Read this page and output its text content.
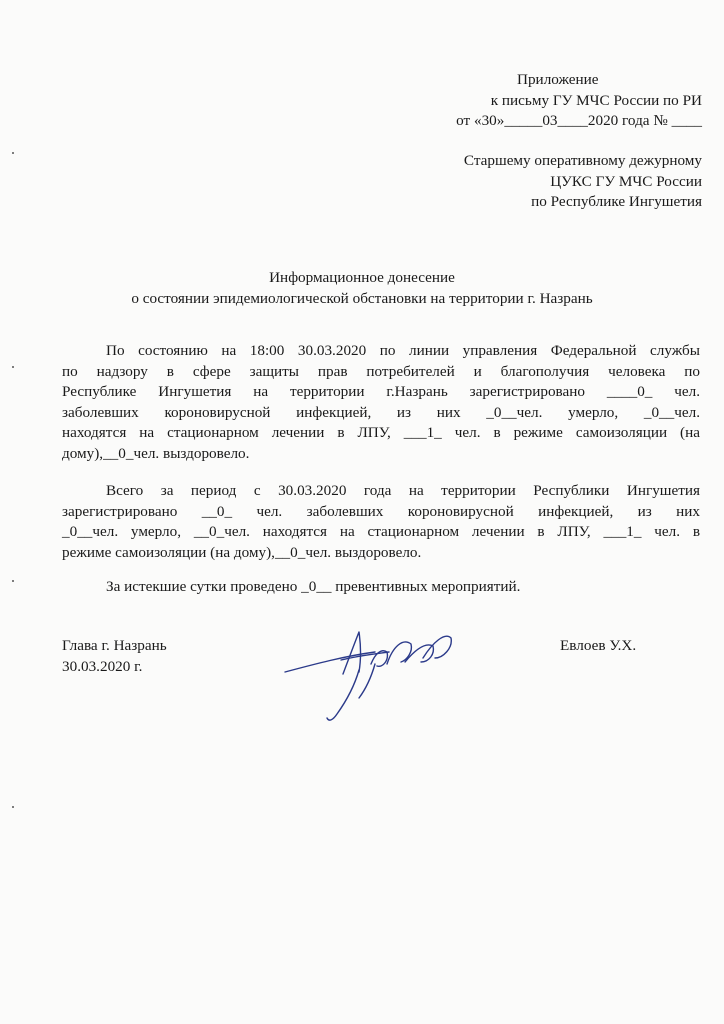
Приложение
к письму ГУ МЧС России по РИ
от «30»_____03____2020 года № ____
Старшему оперативному дежурному
ЦУКС ГУ МЧС России
по Республике Ингушетия
Информационное донесение
о состоянии эпидемиологической обстановки на территории г. Назрань
По состоянию на 18:00 30.03.2020 по линии управления Федеральной службы
по надзору в сфере защиты прав потребителей и благополучия человека по
Республике Ингушетия на территории г.Назрань зарегистрировано ____0_ чел.
заболевших короновирусной инфекцией, из них _0__чел. умерло, _0__чел.
находятся на стационарном лечении в ЛПУ, ___1_ чел. в режиме самоизоляции (на
дому),__0_чел. выздоровело.
Всего за период с 30.03.2020 года на территории Республики Ингушетия
зарегистрировано __0_ чел. заболевших короновирусной инфекцией, из них
_0__чел. умерло, __0_чел. находятся на стационарном лечении в ЛПУ, ___1_ чел. в
режиме самоизоляции (на дому),__0_чел. выздоровело.
За истекшие сутки проведено _0__ превентивных мероприятий.
Глава г. Назрань
30.03.2020 г.
Евлоев У.Х.
